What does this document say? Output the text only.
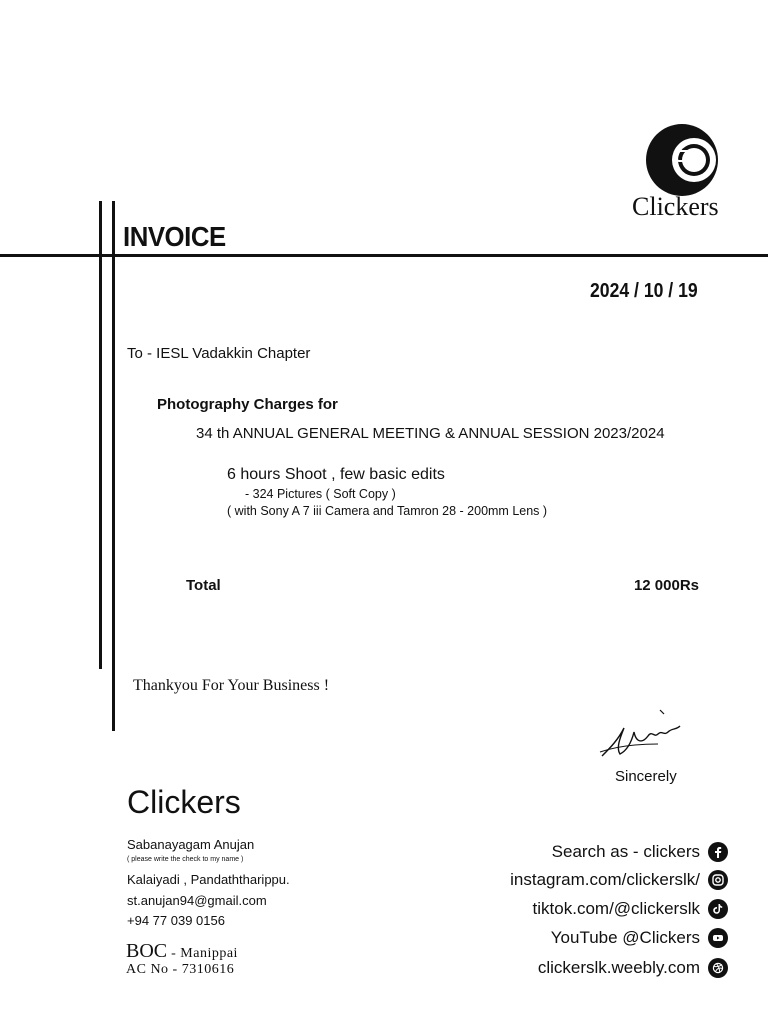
Clickers
INVOICE
2024 / 10 / 19
To - IESL Vadakkin Chapter
Photography Charges for
34 th ANNUAL GENERAL MEETING & ANNUAL SESSION 2023/2024
6 hours Shoot , few basic edits
- 324 Pictures ( Soft Copy )
( with Sony A 7 iii Camera and Tamron 28 - 200mm Lens )
Total	12 000Rs
Thankyou For Your Business !
Sincerely
Clickers
Sabanayagam Anujan
( please write the check to my name )
Kalaiyadi , Pandaththarippu.
st.anujan94@gmail.com
+94 77 039 0156
BOC - Manippai
AC No - 7310616
Search as - clickers
instagram.com/clickerslk/
tiktok.com/@clickerslk
YouTube @Clickers
clickerslk.weebly.com
